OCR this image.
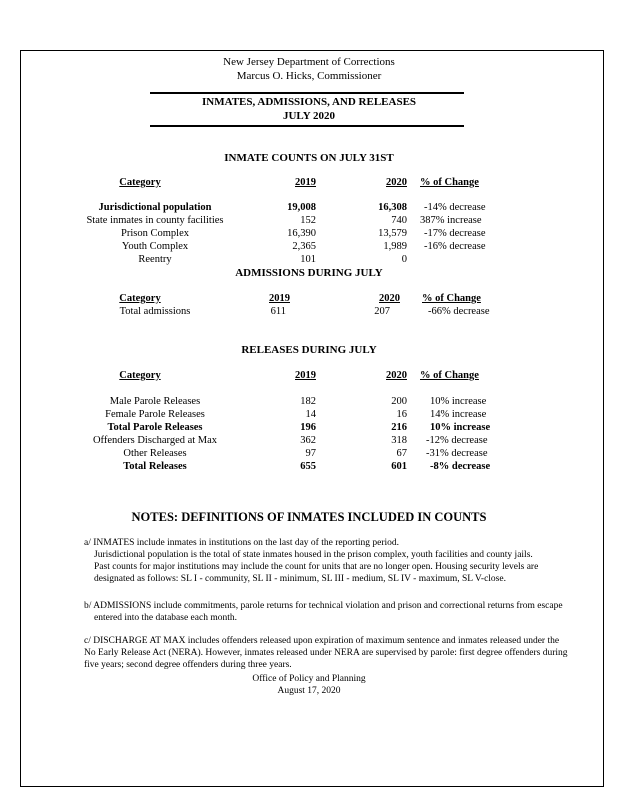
New Jersey Department of Corrections
Marcus O. Hicks, Commissioner
INMATES, ADMISSIONS, AND RELEASES
JULY 2020
INMATE COUNTS ON JULY 31ST
Category	2019	2020 % of Change
Jurisdictional population	19,008	16,308 -14% decrease
State inmates in county facilities	152	740 387% increase
Prison Complex	16,390	13,579 -17% decrease
Youth Complex	2,365	1,989 -16% decrease
Reentry	101	0
ADMISSIONS DURING JULY
Category	2019	2020 % of Change
Total admissions	611	207	-66% decrease
RELEASES DURING JULY
Category	2019	2020 % of Change
Male Parole Releases	182	200 10% increase
Female Parole Releases	14	16 14% increase
Total Parole Releases	196	216 10% increase
Offenders Discharged at Max	362	318 -12% decrease
Other Releases	97	67 -31% decrease
Total Releases	655	601 -8% decrease
NOTES: DEFINITIONS OF INMATES INCLUDED IN COUNTS

a/ INMATES include inmates in institutions on the last day of the reporting period.

Jurisdictional population is the total of state inmates housed in the prison complex, youth facilities and county jails.

Past counts for major institutions may include the count for units that are no longer open. Housing security levels are

designated as follows: SL I - community, SL II - minimum, SL III - medium, SL IV - maximum, SL V-close.

b/ ADMISSIONS include commitments, parole returns for technical violation and prison and correctional returns from escape

entered into the database each month.

c/ DISCHARGE AT MAX includes offenders released upon expiration of maximum sentence and inmates released under the

No Early Release Act (NERA). However, inmates released under NERA are supervised by parole: first degree offenders during

five years; second degree offenders during three years.

Office of Policy and Planning
August 17, 2020
